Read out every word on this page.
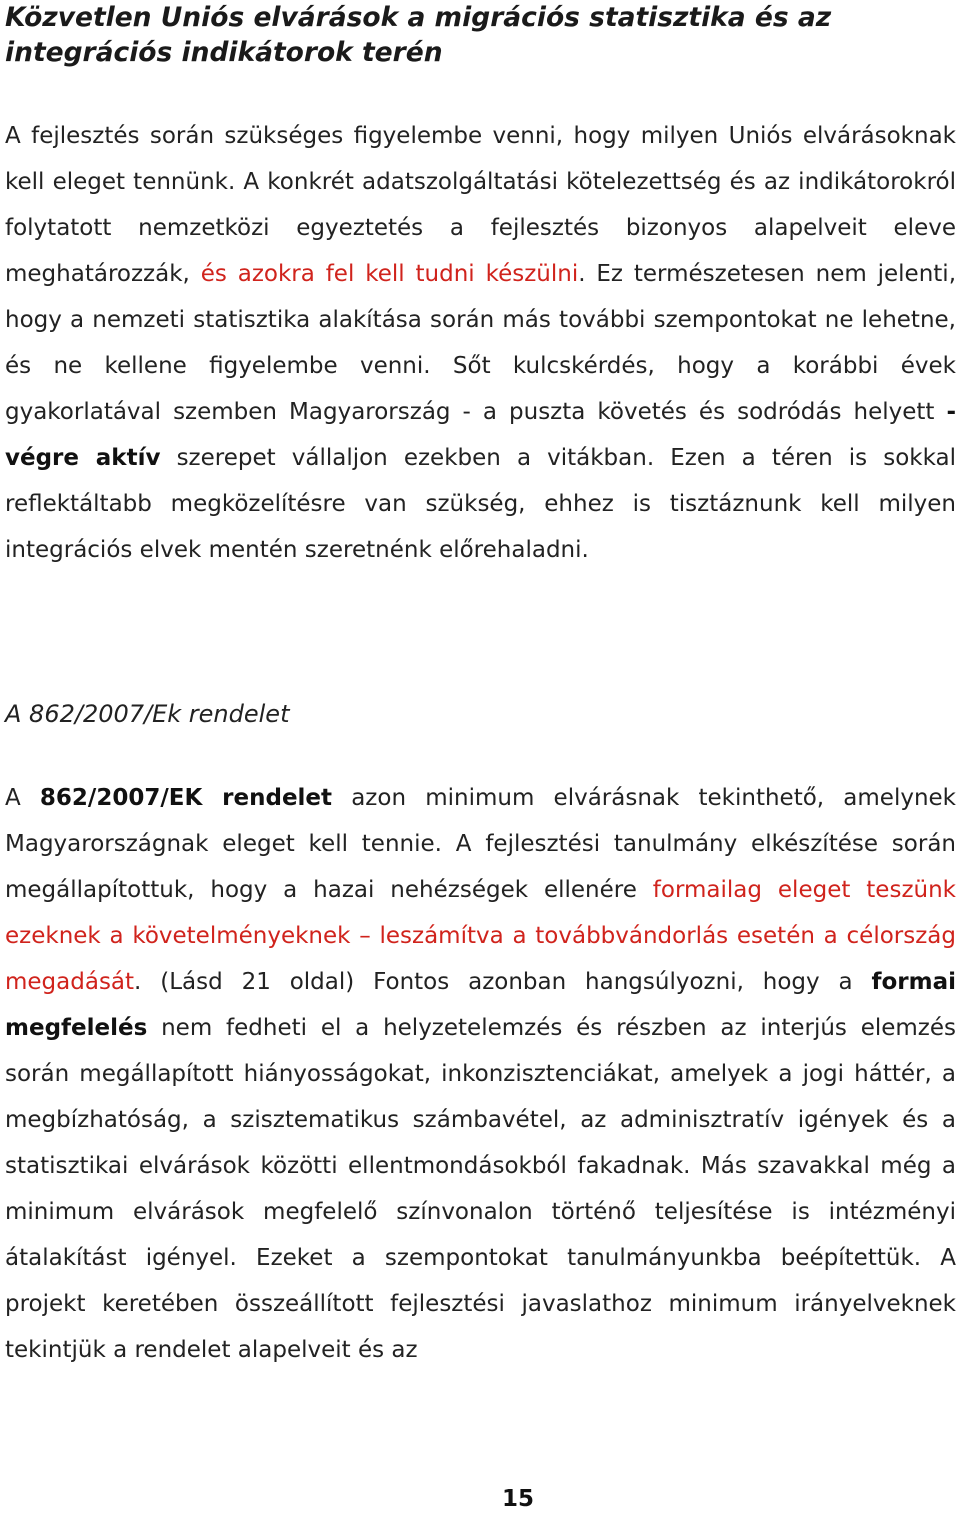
Közvetlen Uniós elvárások a migrációs statisztika és az integrációs indikátorok terén

A fejlesztés során szükséges figyelembe venni, hogy milyen Uniós elvárásoknak kell eleget tennünk. A konkrét adatszolgáltatási kötelezettség és az indikátorokról folytatott nemzetközi egyeztetés a fejlesztés bizonyos alapelveit eleve meghatározzák, és azokra fel kell tudni készülni. Ez természetesen nem jelenti, hogy a nemzeti statisztika alakítása során más további szempontokat ne lehetne, és ne kellene figyelembe venni. Sőt kulcskérdés, hogy a korábbi évek gyakorlatával szemben Magyarország - a puszta követés és sodródás helyett - végre aktív szerepet vállaljon ezekben a vitákban. Ezen a téren is sokkal reflektáltabb megközelítésre van szükség, ehhez is tisztáznunk kell milyen integrációs elvek mentén szeretnénk előrehaladni.

A 862/2007/Ek rendelet

A 862/2007/EK rendelet azon minimum elvárásnak tekinthető, amelynek Magyarországnak eleget kell tennie. A fejlesztési tanulmány elkészítése során megállapítottuk, hogy a hazai nehézségek ellenére formailag eleget teszünk ezeknek a követelményeknek – leszámítva a továbbvándorlás esetén a célország megadását. (Lásd 21 oldal) Fontos azonban hangsúlyozni, hogy a formai megfelelés nem fedheti el a helyzetelemzés és részben az interjús elemzés során megállapított hiányosságokat, inkonzisztenciákat, amelyek a jogi háttér, a megbízhatóság, a szisztematikus számbavétel, az adminisztratív igények és a statisztikai elvárások közötti ellentmondásokból fakadnak. Más szavakkal még a minimum elvárások megfelelő színvonalon történő teljesítése is intézményi átalakítást igényel. Ezeket a szempontokat tanulmányunkba beépítettük. A projekt keretében összeállított fejlesztési javaslathoz minimum irányelveknek tekintjük a rendelet alapelveit és az

15
